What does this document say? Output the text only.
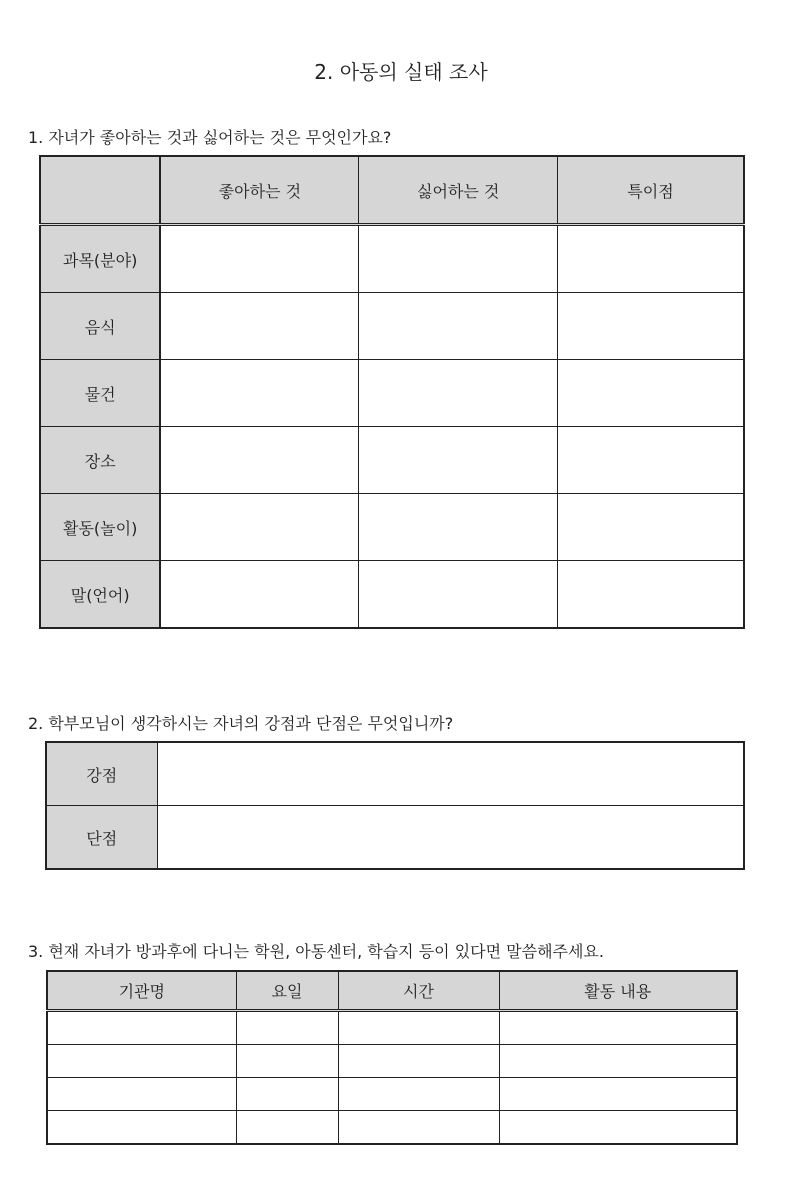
2. 아동의 실태 조사
1. 자녀가 좋아하는 것과 싫어하는 것은 무엇인가요?
	좋아하는 것	싫어하는 것	특이점
과목(분야)			
음식			
물건			
장소			
활동(놀이)			
말(언어)			
2. 학부모님이 생각하시는 자녀의 강점과 단점은 무엇입니까?
강점	
단점	
3. 현재 자녀가 방과후에 다니는 학원, 아동센터, 학습지 등이 있다면 말씀해주세요.
기관명	요일	시간	활동 내용
